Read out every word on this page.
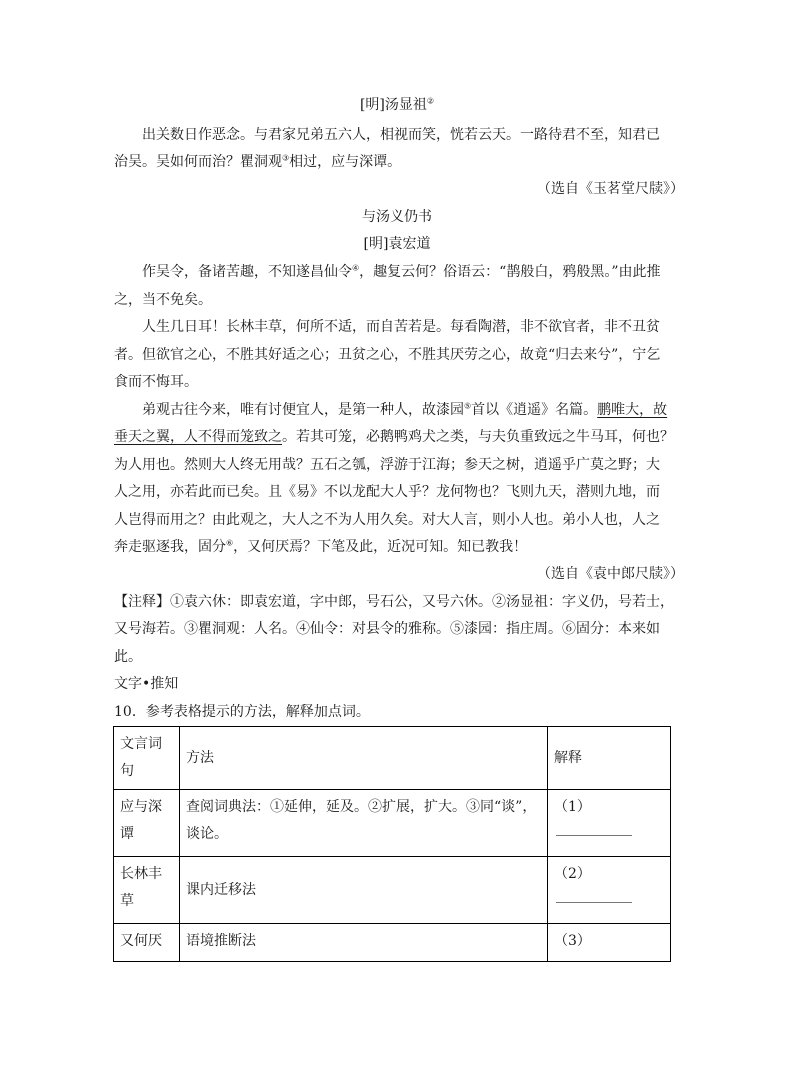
[明]汤显祖②
出关数日作恶念。与君家兄弟五六人，相视而笑，恍若云天。一路待君不至，知君已
治吴。吴如何而治？瞿洞观③相过，应与深谭。
（选自《玉茗堂尺牍》）
与汤义仍书
[明]袁宏道
作吴令，备诸苦趣，不知遂昌仙令④，趣复云何？俗语云：“鹊般白，鸦般黑。”由此推
之，当不免矣。
人生几日耳！长林丰草，何所不适，而自苦若是。每看陶潜，非不欲官者，非不丑贫
者。但欲官之心，不胜其好适之心；丑贫之心，不胜其厌劳之心，故竟“归去来兮”，宁乞
食而不悔耳。
弟观古往今来，唯有讨便宜人，是第一种人，故漆园⑤首以《逍遥》名篇。鹏唯大，故
垂天之翼，人不得而笼致之。若其可笼，必鹅鸭鸡犬之类，与夫负重致远之牛马耳，何也？
为人用也。然则大人终无用哉？五石之瓠，浮游于江海；参天之树，逍遥乎广莫之野；大
人之用，亦若此而已矣。且《易》不以龙配大人乎？龙何物也？飞则九天，潜则九地，而
人岂得而用之？由此观之，大人之不为人用久矣。对大人言，则小人也。弟小人也，人之
奔走驱逐我，固分⑥，又何厌焉？下笔及此，近况可知。知已教我！
（选自《袁中郎尺牍》）
【注释】①袁六休：即袁宏道，字中郎，号石公，又号六休。②汤显祖：字义仍，号若士，
又号海若。③瞿洞观：人名。④仙令：对县令的雅称。⑤漆园：指庄周。⑥固分：本来如
此。
文字•推知
10．参考表格提示的方法，解释加点词。
文言词句	方法	解释
应与深谭	查阅词典法：①延伸，延及。②扩展，扩大。③同“谈”，谈论。	（1）

长林丰草	课内迁移法	（2）

又何厌	语境推断法	（3）
